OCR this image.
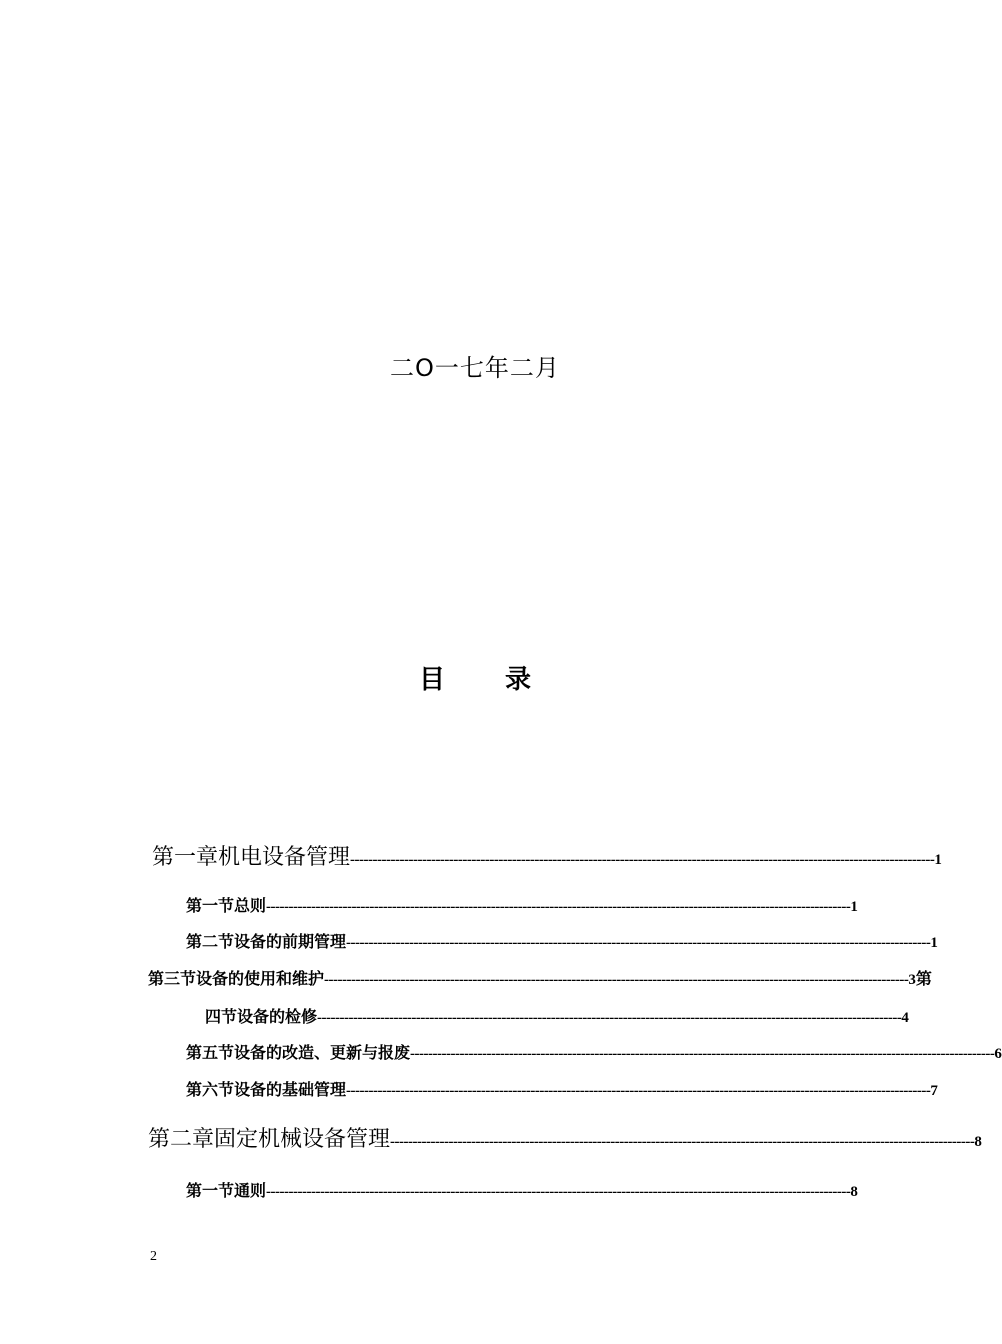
二O一七年二月
目 录
第一章 机电设备管理 ---------------------------------------------------------------------------------------------------------------------------------- 1
第一节 总则 ---------------------------------------------------------------------------------------------------------------------------------- 1
第二节 设备的前期管理 ---------------------------------------------------------------------------------------------------------------------------------- 1
第三节 设备的使用和维护 ---------------------------------------------------------------------------------------------------------------------------------- 3 第
四节 设备的检修 ---------------------------------------------------------------------------------------------------------------------------------- 4
第五节 设备的改造、更新与报废 ---------------------------------------------------------------------------------------------------------------------------------- 6
第六节 设备的基础管理 ---------------------------------------------------------------------------------------------------------------------------------- 7
第二章 固定机械设备管理 ---------------------------------------------------------------------------------------------------------------------------------- 8
第一节 通 则 ---------------------------------------------------------------------------------------------------------------------------------- 8
2
